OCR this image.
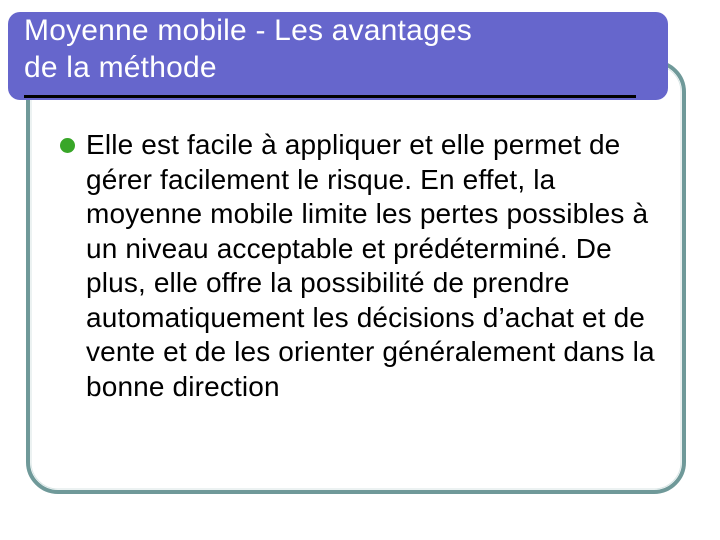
Moyenne mobile - Les avantages
de la méthode

Elle est facile à appliquer et elle permet de gérer facilement le risque. En effet, la moyenne mobile limite les pertes possibles à un niveau acceptable et prédéterminé. De plus, elle offre la possibilité de prendre automatiquement les décisions d’achat et de vente et de les orienter généralement dans la bonne direction
